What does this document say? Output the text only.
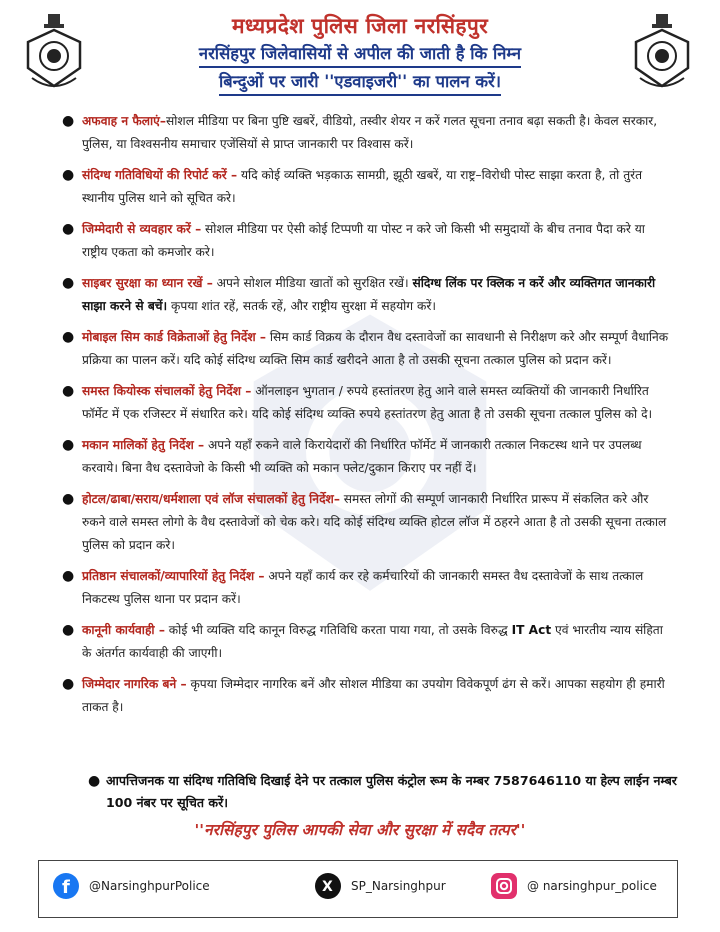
मध्यप्रदेश पुलिस जिला नरसिंहपुर
नरसिंहपुर जिलेवासियों से अपील की जाती है कि निम्न
बिन्दुओं पर जारी ''एडवाइजरी'' का पालन करें।
● अफवाह न फैलाएं–सोशल मीडिया पर बिना पुष्टि खबरें, वीडियो, तस्वीर शेयर न करें गलत सूचना तनाव बढ़ा सकती है। केवल सरकार, पुलिस, या विश्वसनीय समाचार एजेंसियों से प्राप्त जानकारी पर विश्वास करें।
● संदिग्ध गतिविधियों की रिपोर्ट करें – यदि कोई व्यक्ति भड़काऊ सामग्री, झूठी खबरें, या राष्ट्र–विरोधी पोस्ट साझा करता है, तो तुरंत स्थानीय पुलिस थाने को सूचित करे।
● जिम्मेदारी से व्यवहार करें – सोशल मीडिया पर ऐसी कोई टिप्पणी या पोस्ट न करे जो किसी भी समुदायों के बीच तनाव पैदा करे या राष्ट्रीय एकता को कमजोर करे।
● साइबर सुरक्षा का ध्यान रखें – अपने सोशल मीडिया खातों को सुरक्षित रखें। संदिग्ध लिंक पर क्लिक न करें और व्यक्तिगत जानकारी साझा करने से बचें। कृपया शांत रहें, सतर्क रहें, और राष्ट्रीय सुरक्षा में सहयोग करें।
● मोबाइल सिम कार्ड विक्रेताओं हेतु निर्देश – सिम कार्ड विक्रय के दौरान वैध दस्तावेजों का सावधानी से निरीक्षण करे और सम्पूर्ण वैधानिक प्रक्रिया का पालन करें। यदि कोई संदिग्ध व्यक्ति सिम कार्ड खरीदने आता है तो उसकी सूचना तत्काल पुलिस को प्रदान करें।
● समस्त कियोस्क संचालकों हेतु निर्देश – ऑनलाइन भुगतान / रुपये हस्तांतरण हेतु आने वाले समस्त व्यक्तियों की जानकारी निर्धारित फॉर्मेट में एक रजिस्टर में संधारित करे। यदि कोई संदिग्ध व्यक्ति रुपये हस्तांतरण हेतु आता है तो उसकी सूचना तत्काल पुलिस को दे।
● मकान मालिकों हेतु निर्देश – अपने यहाँ रुकने वाले किरायेदारों की निर्धारित फॉर्मेट में जानकारी तत्काल निकटस्थ थाने पर उपलब्ध करवाये। बिना वैध दस्तावेजो के किसी भी व्यक्ति को मकान फ्लेट/दुकान किराए पर नहीं दें।
● होटल/ढाबा/सराय/धर्मशाला एवं लॉज संचालकों हेतु निर्देश– समस्त लोगों की सम्पूर्ण जानकारी निर्धारित प्रारूप में संकलित करे और रुकने वाले समस्त लोगो के वैध दस्तावेजों को चेक करे। यदि कोई संदिग्ध व्यक्ति होटल लॉज में ठहरने आता है तो उसकी सूचना तत्काल पुलिस को प्रदान करे।
● प्रतिष्ठान संचालकों/व्यापारियों हेतु निर्देश – अपने यहाँ कार्य कर रहे कर्मचारियों की जानकारी समस्त वैध दस्तावेजों के साथ तत्काल निकटस्थ पुलिस थाना पर प्रदान करें।
● कानूनी कार्यवाही – कोई भी व्यक्ति यदि कानून विरुद्ध गतिविधि करता पाया गया, तो उसके विरुद्ध IT Act एवं भारतीय न्याय संहिता के अंतर्गत कार्यवाही की जाएगी।
● जिम्मेदार नागरिक बने – कृपया जिम्मेदार नागरिक बनें और सोशल मीडिया का उपयोग विवेकपूर्ण ढंग से करें। आपका सहयोग ही हमारी ताकत है।
● आपत्तिजनक या संदिग्ध गतिविधि दिखाई देने पर तत्काल पुलिस कंट्रोल रूम के नम्बर 7587646110 या हेल्प लाईन नम्बर 100 नंबर पर सूचित करें।
''नरसिंहपुर पुलिस आपकी सेवा और सुरक्षा में सदैव तत्पर''
f @NarsinghpurPolice	X SP_Narsinghpur	@ narsinghpur_police
